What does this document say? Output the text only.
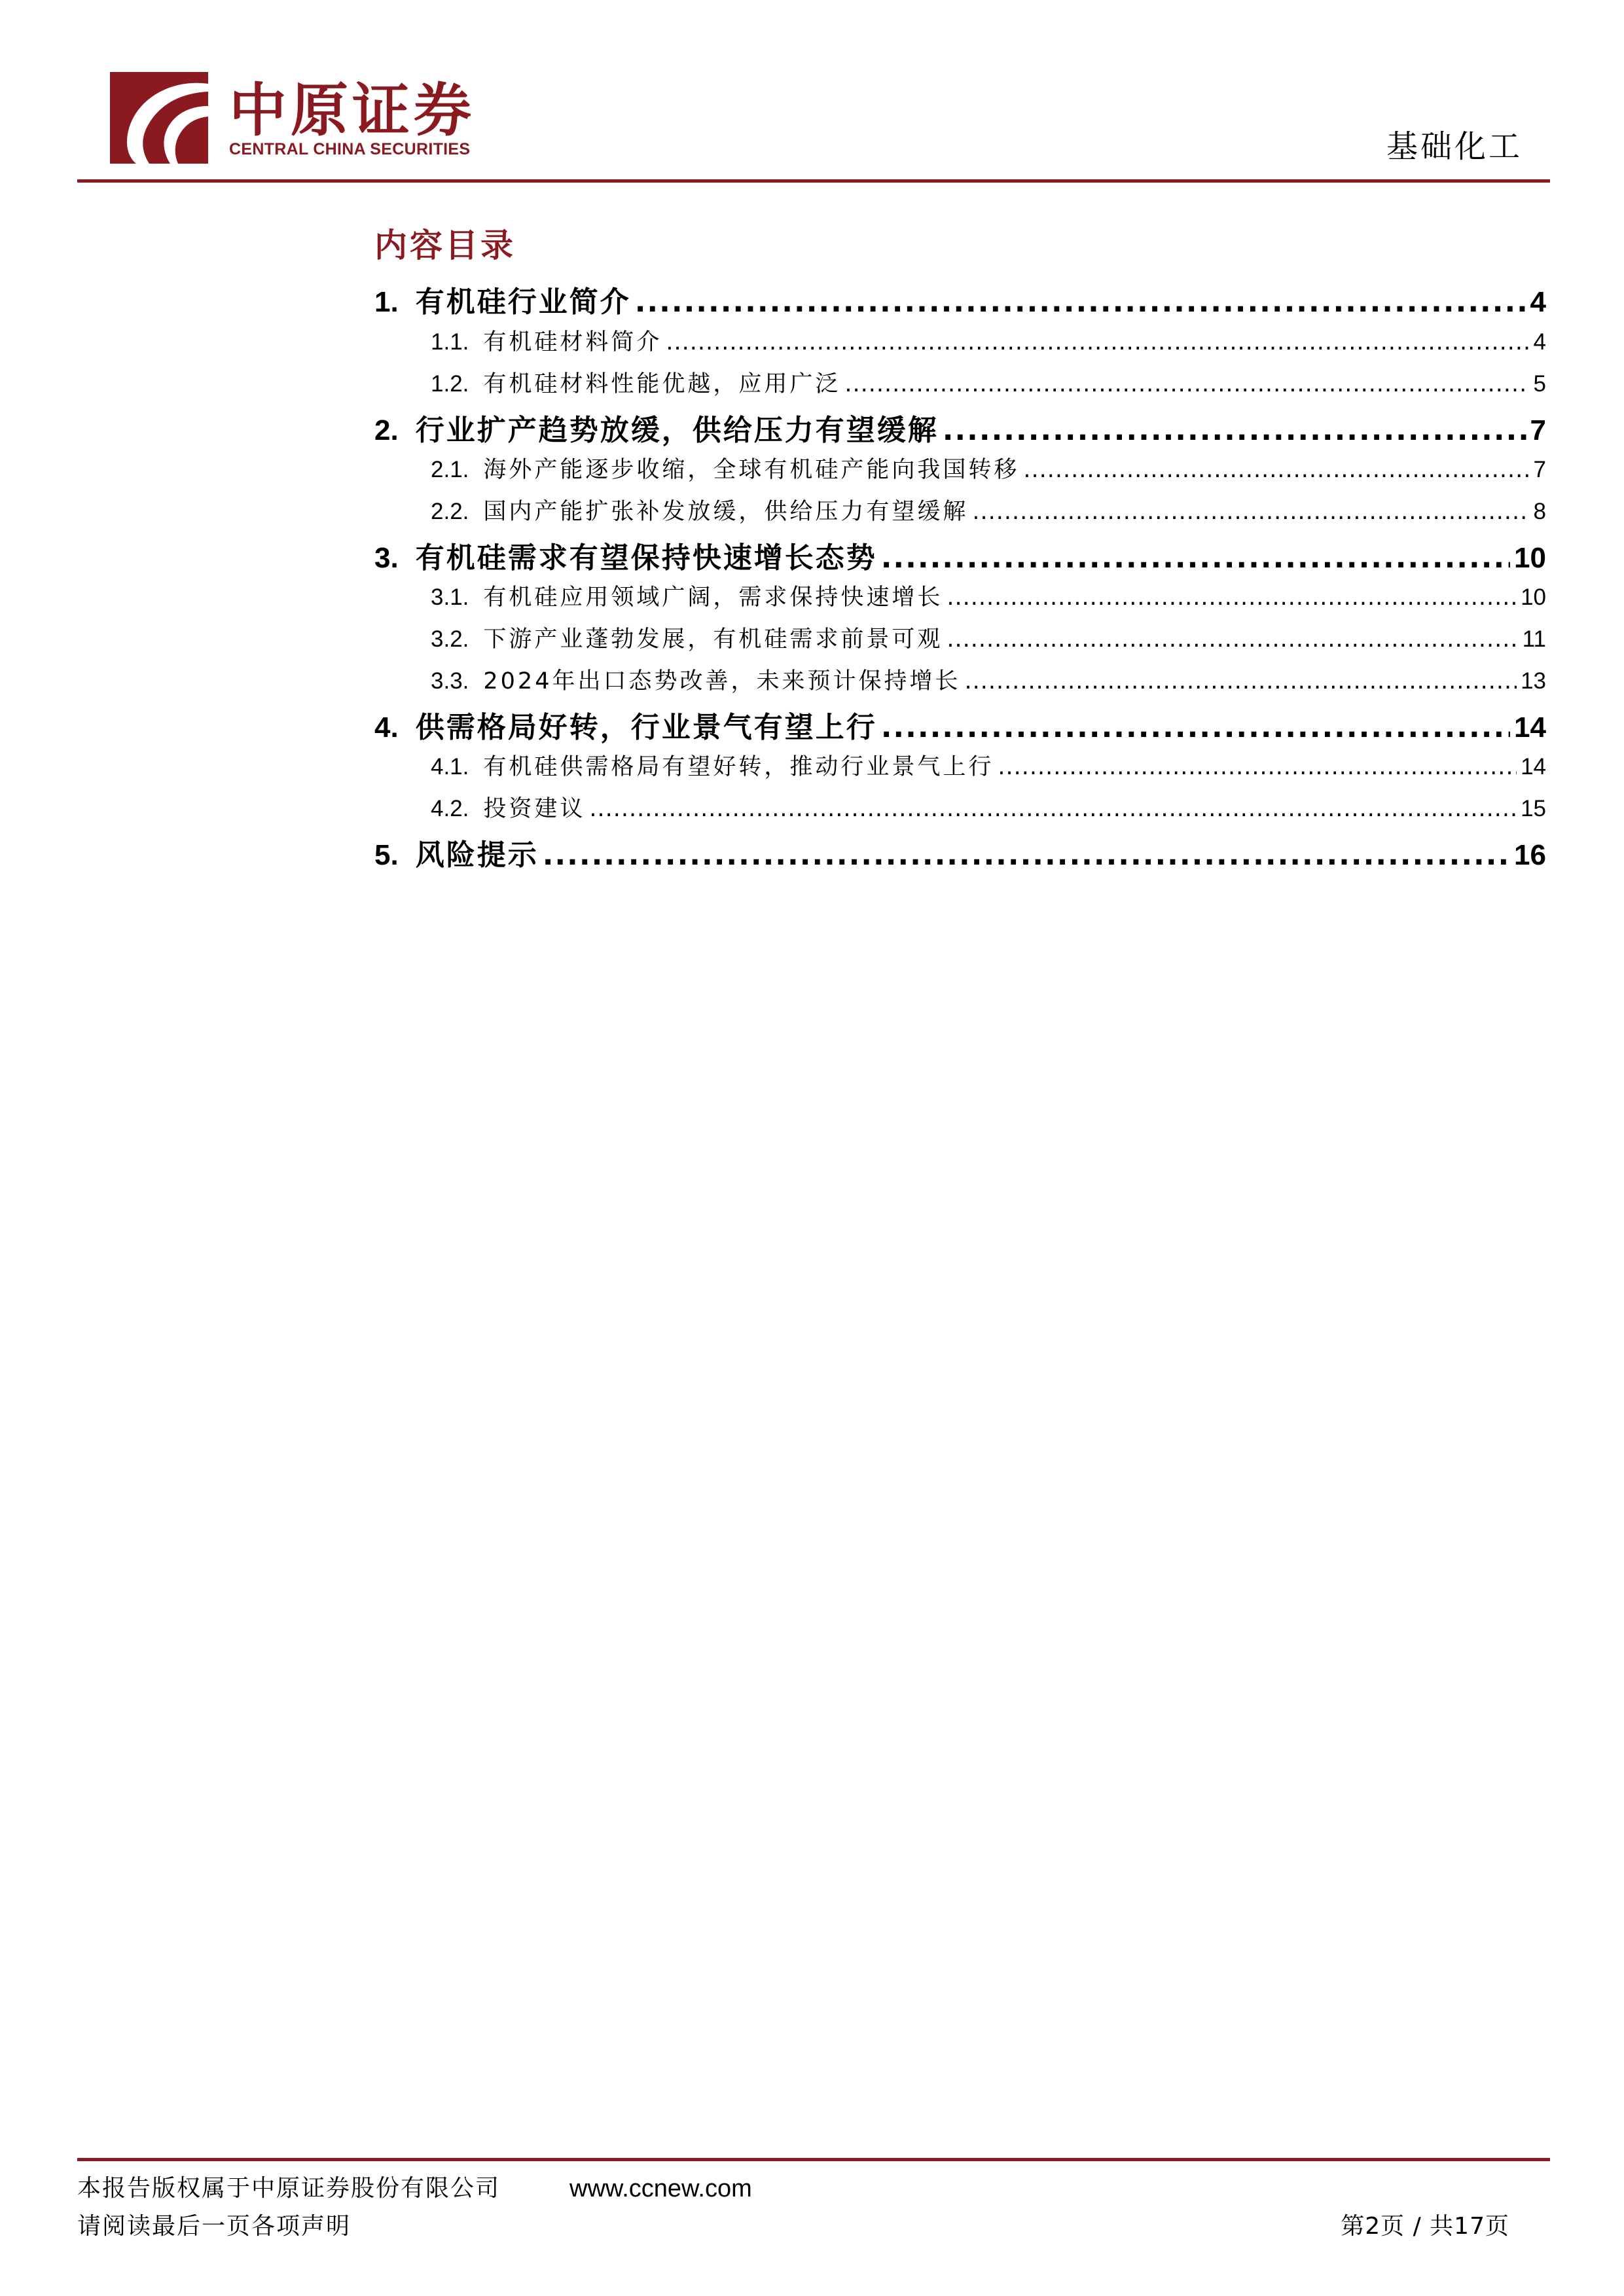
中原证券
CENTRAL CHINA SECURITIES	基础化工
内容目录
1. 有机硅行业简介 .....	4
1.1. 有机硅材料简介 .....	4
1.2. 有机硅材料性能优越，应用广泛 .....	5
2. 行业扩产趋势放缓，供给压力有望缓解 .....	7
2.1. 海外产能逐步收缩，全球有机硅产能向我国转移 .....	7
2.2. 国内产能扩张补发放缓，供给压力有望缓解 .....	8
3. 有机硅需求有望保持快速增长态势 .....	10
3.1. 有机硅应用领域广阔，需求保持快速增长 .....	10
3.2. 下游产业蓬勃发展，有机硅需求前景可观 .....	11
3.3. 2024年出口态势改善，未来预计保持增长 .....	13
4. 供需格局好转，行业景气有望上行 .....	14
4.1. 有机硅供需格局有望好转，推动行业景气上行 .....	14
4.2. 投资建议 .....	15
5. 风险提示 .....	16
本报告版权属于中原证券股份有限公司	www.ccnew.com
请阅读最后一页各项声明	第2页 / 共17页
